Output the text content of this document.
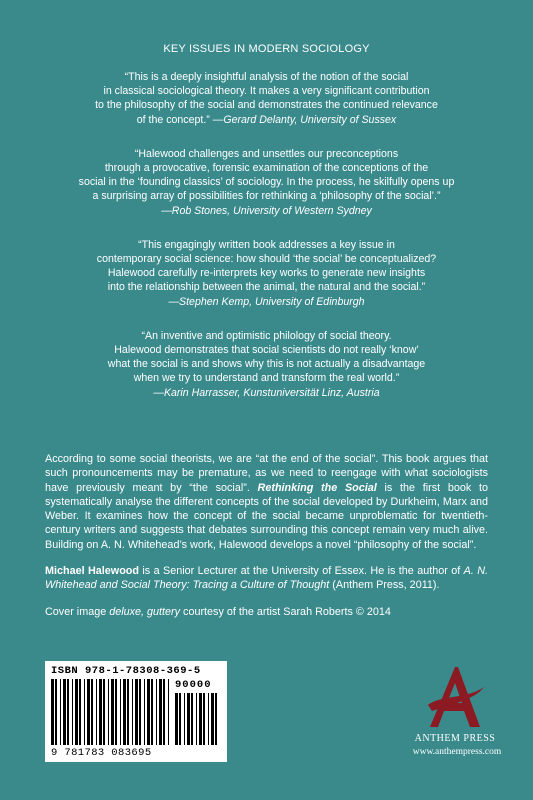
KEY ISSUES IN MODERN SOCIOLOGY
“This is a deeply insightful analysis of the notion of the social
in classical sociological theory. It makes a very significant contribution
to the philosophy of the social and demonstrates the continued relevance
of the concept.” —Gerard Delanty, University of Sussex
“Halewood challenges and unsettles our preconceptions
through a provocative, forensic examination of the conceptions of the
social in the ‘founding classics’ of sociology. In the process, he skilfully opens up
a surprising array of possibilities for rethinking a ‘philosophy of the social’.”
—Rob Stones, University of Western Sydney
“This engagingly written book addresses a key issue in
contemporary social science: how should ‘the social’ be conceptualized?
Halewood carefully re-interprets key works to generate new insights
into the relationship between the animal, the natural and the social.”
—Stephen Kemp, University of Edinburgh
“An inventive and optimistic philology of social theory.
Halewood demonstrates that social scientists do not really ‘know’
what the social is and shows why this is not actually a disadvantage
when we try to understand and transform the real world.”
—Karin Harrasser, Kunstuniversität Linz, Austria

According to some social theorists, we are “at the end of the social”. This book argues that such pronouncements may be premature, as we need to reengage with what sociologists have previously meant by “the social”. Rethinking the Social is the first book to systematically analyse the different concepts of the social developed by Durkheim, Marx and Weber. It examines how the concept of the social became unproblematic for twentieth-century writers and suggests that debates surrounding this concept remain very much alive. Building on A. N. Whitehead’s work, Halewood develops a novel “philosophy of the social”.

Michael Halewood is a Senior Lecturer at the University of Essex. He is the author of A. N. Whitehead and Social Theory: Tracing a Culture of Thought (Anthem Press, 2011).

Cover image deluxe, guttery courtesy of the artist Sarah Roberts © 2014

ISBN 978-1-78308-369-5
90000
9 781783 083695
ANTHEM PRESS
www.anthempress.com
